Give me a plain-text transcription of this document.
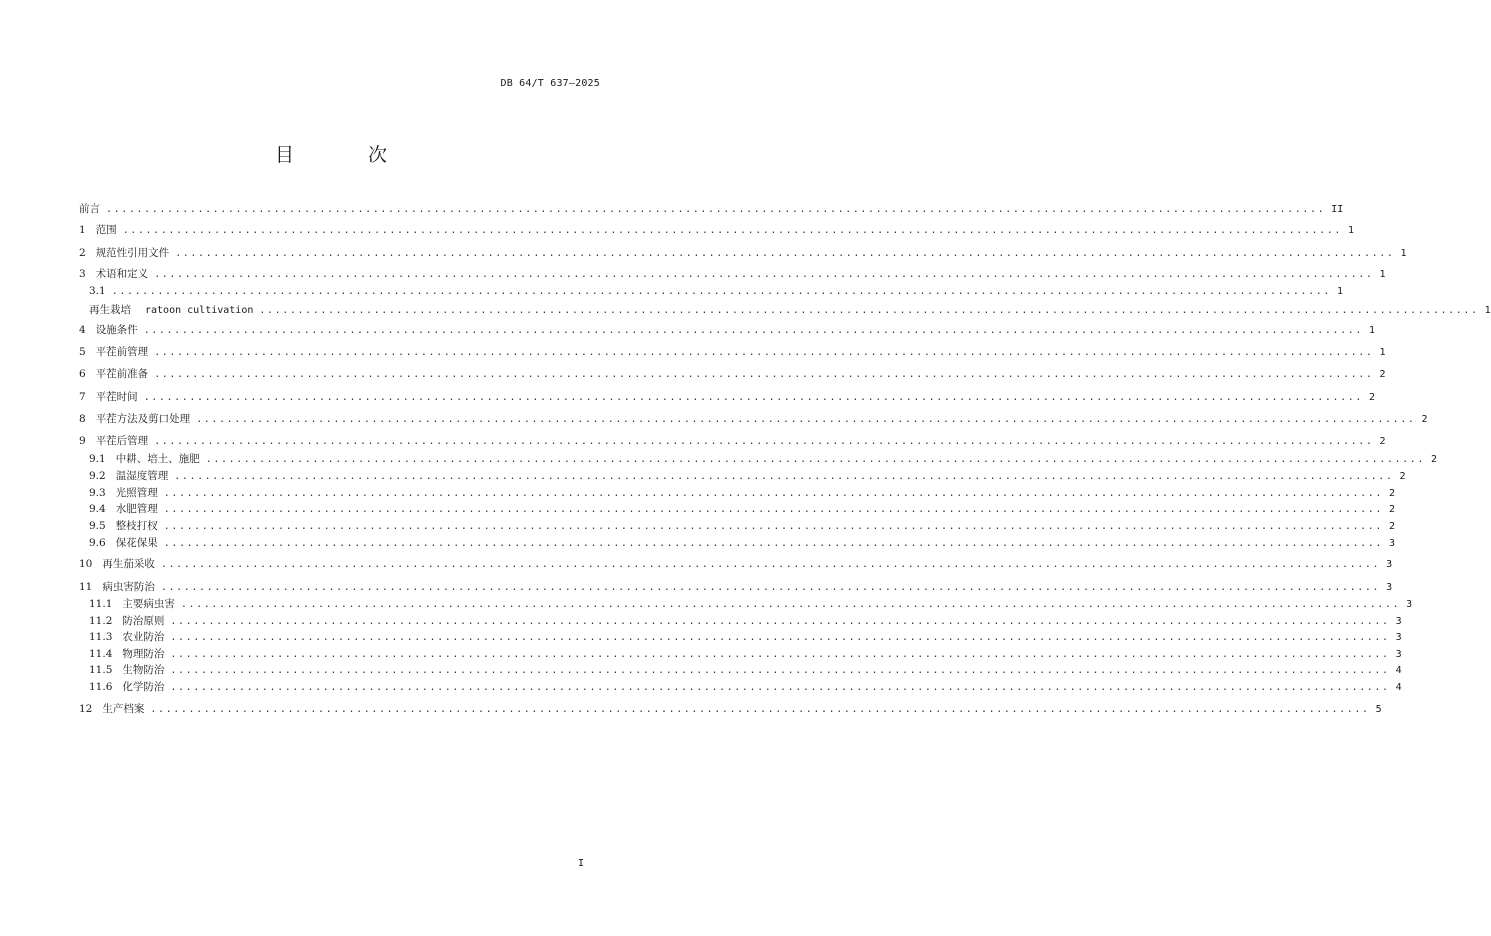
DB 64/T 637—2025
目 次
前言 ................................................................................................................................................................ II
1 范围 ................................................................................................................................................................ 1
2 规范性引用文件 ................................................................................................................................................................ 1
3 术语和定义 ................................................................................................................................................................ 1
3.1 ................................................................................................................................................................ 1
再生栽培 ratoon cultivation ................................................................................................................................................................ 1
4 设施条件 ................................................................................................................................................................ 1
5 平茬前管理 ................................................................................................................................................................ 1
6 平茬前准备 ................................................................................................................................................................ 2
7 平茬时间 ................................................................................................................................................................ 2
8 平茬方法及剪口处理 ................................................................................................................................................................ 2
9 平茬后管理 ................................................................................................................................................................ 2
9.1 中耕、培土、施肥 ................................................................................................................................................................ 2
9.2 温湿度管理 ................................................................................................................................................................ 2
9.3 光照管理 ................................................................................................................................................................ 2
9.4 水肥管理 ................................................................................................................................................................ 2
9.5 整枝打杈 ................................................................................................................................................................ 2
9.6 保花保果 ................................................................................................................................................................ 3
10 再生茄采收 ................................................................................................................................................................ 3
11 病虫害防治 ................................................................................................................................................................ 3
11.1 主要病虫害 ................................................................................................................................................................ 3
11.2 防治原则 ................................................................................................................................................................ 3
11.3 农业防治 ................................................................................................................................................................ 3
11.4 物理防治 ................................................................................................................................................................ 3
11.5 生物防治 ................................................................................................................................................................ 4
11.6 化学防治 ................................................................................................................................................................ 4
12 生产档案 ................................................................................................................................................................ 5
I
